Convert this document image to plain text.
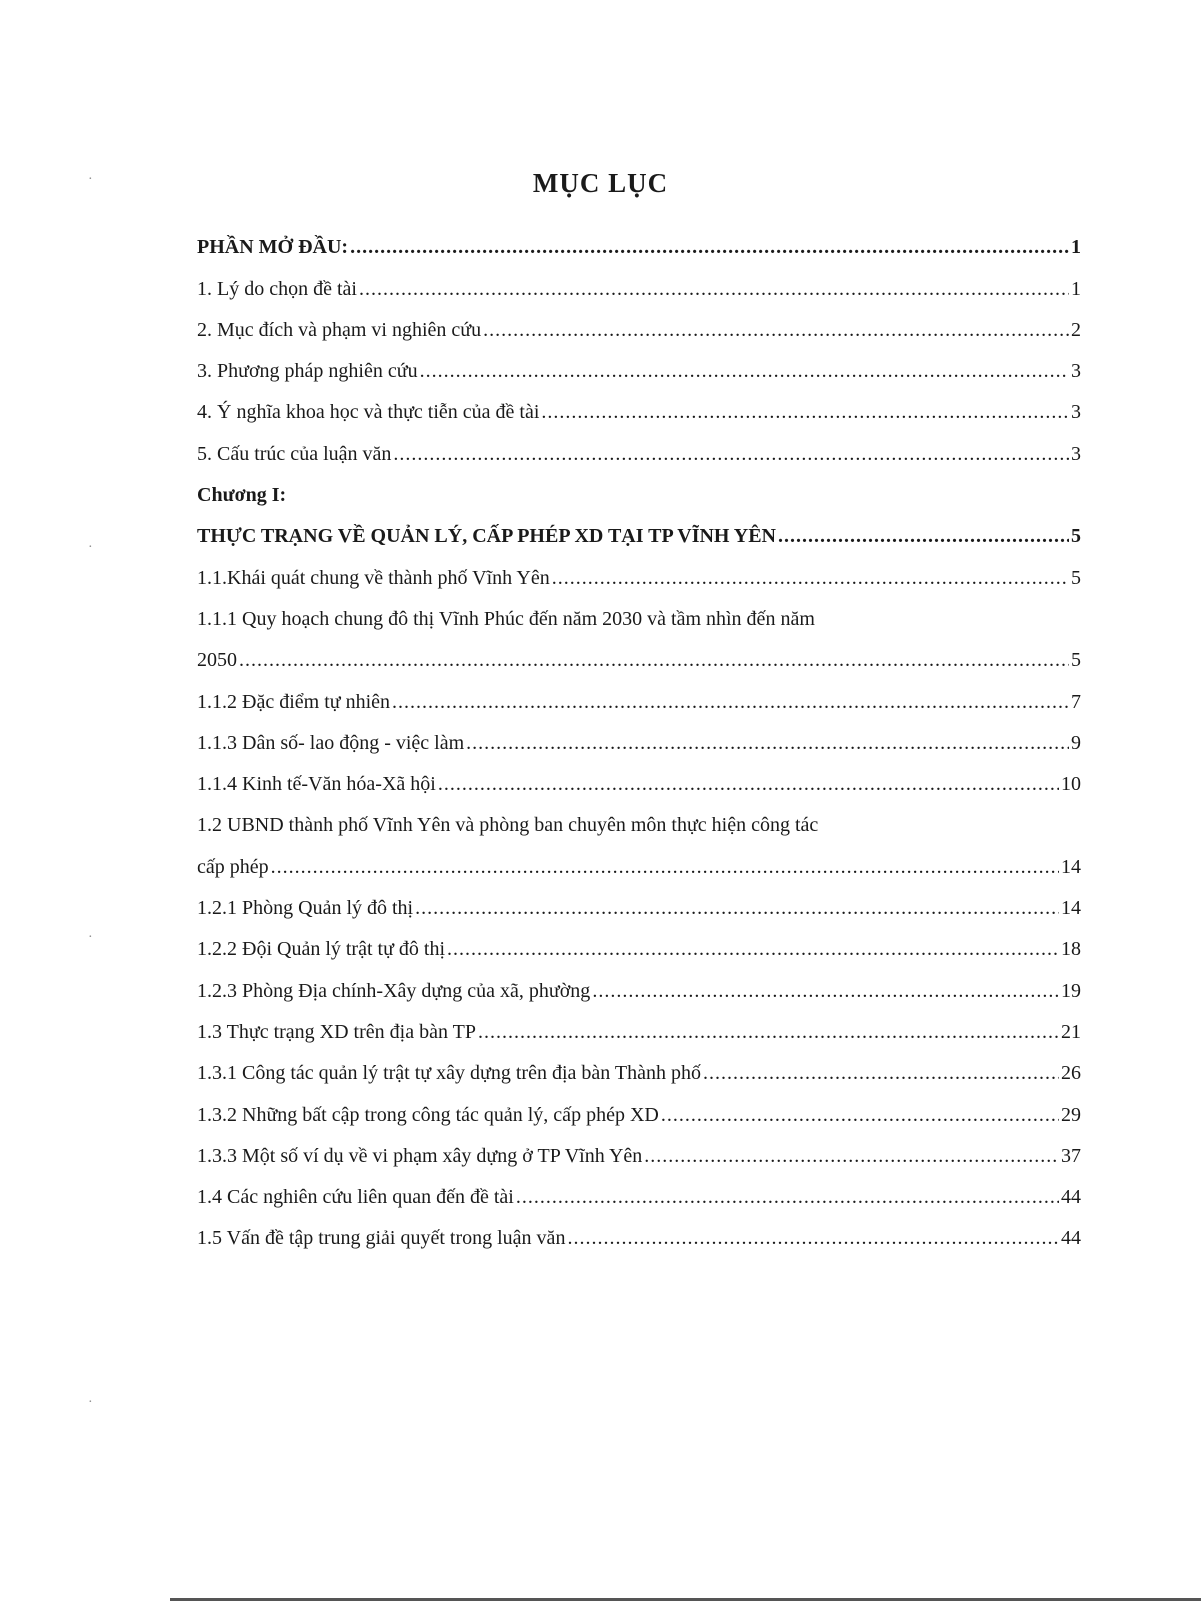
·
·
·
·
MỤC LỤC
PHẦN MỞ ĐẦU: .....	1
1. Lý do chọn đề tài .....	1
2. Mục đích và phạm vi nghiên cứu .....	2
3. Phương pháp nghiên cứu .....	3
4. Ý nghĩa khoa học và thực tiễn của đề tài .....	3
5. Cấu trúc của luận văn .....	3
Chương I:
THỰC TRẠNG VỀ QUẢN LÝ, CẤP PHÉP XD TẠI TP VĨNH YÊN .....	5
1.1.Khái quát chung về thành phố Vĩnh Yên .....	5
1.1.1 Quy hoạch chung đô thị Vĩnh Phúc đến năm 2030 và tầm nhìn đến năm
2050 .....	5
1.1.2 Đặc điểm tự nhiên .....	7
1.1.3 Dân số- lao động - việc làm .....	9
1.1.4 Kinh tế-Văn hóa-Xã hội .....	10
1.2 UBND thành phố Vĩnh Yên và phòng ban chuyên môn thực hiện công tác
cấp phép .....	14
1.2.1 Phòng Quản lý đô thị .....	14
1.2.2 Đội Quản lý trật tự đô thị .....	18
1.2.3 Phòng Địa chính-Xây dựng của xã, phường .....	19
1.3 Thực trạng XD trên địa bàn TP .....	21
1.3.1 Công tác quản lý trật tự xây dựng trên địa bàn Thành phố .....	26
1.3.2 Những bất cập trong công tác quản lý, cấp phép XD .....	29
1.3.3 Một số ví dụ về vi phạm xây dựng ở TP Vĩnh Yên .....	37
1.4 Các nghiên cứu liên quan đến đề tài .....	44
1.5 Vấn đề tập trung giải quyết trong luận văn .....	44
